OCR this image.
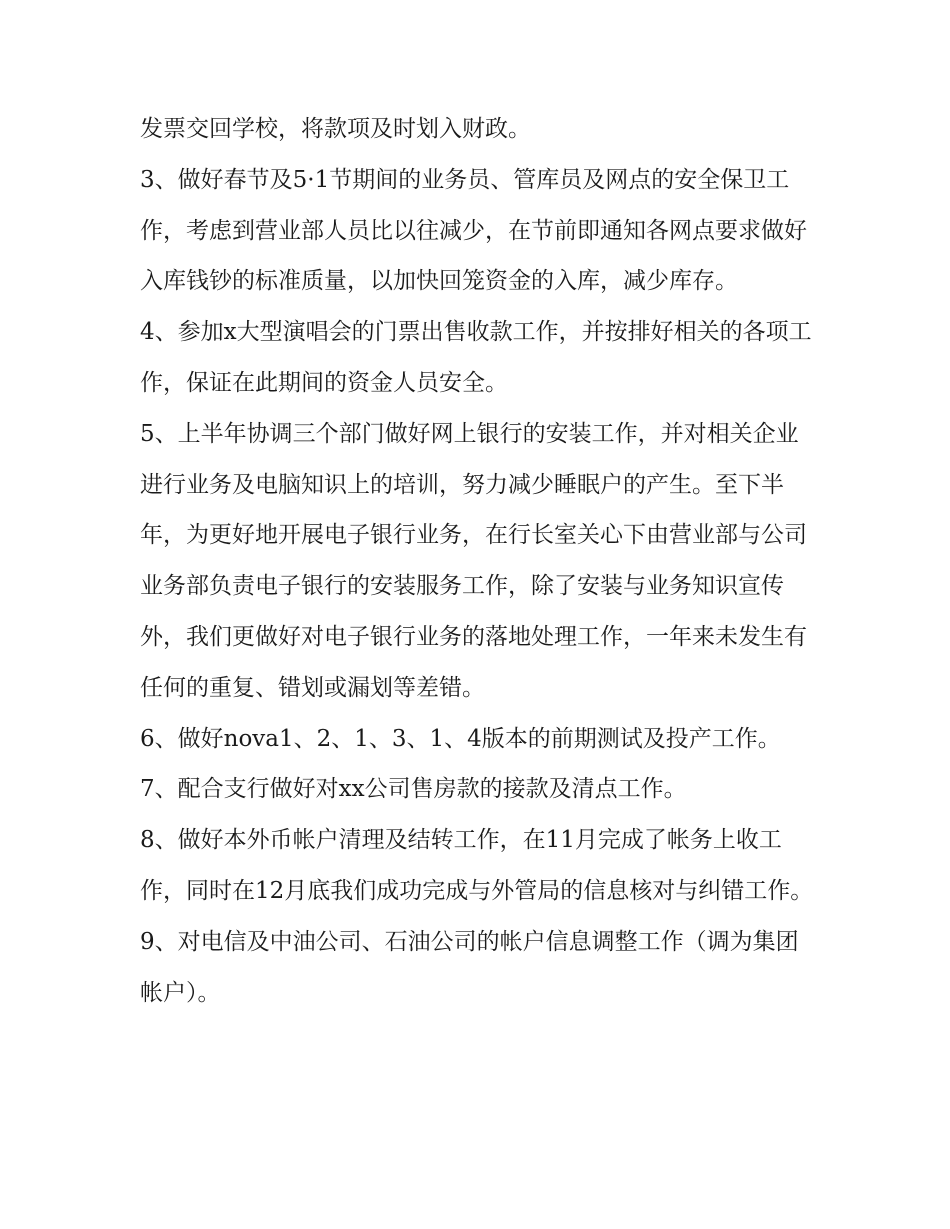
发票交回学校，将款项及时划入财政。

3、做好春节及5·1节期间的业务员、管库员及网点的安全保卫工作，考虑到营业部人员比以往减少，在节前即通知各网点要求做好入库钱钞的标准质量，以加快回笼资金的入库，减少库存。

4、参加x大型演唱会的门票出售收款工作，并按排好相关的各项工作，保证在此期间的资金人员安全。

5、上半年协调三个部门做好网上银行的安装工作，并对相关企业进行业务及电脑知识上的培训，努力减少睡眠户的产生。至下半年，为更好地开展电子银行业务，在行长室关心下由营业部与公司业务部负责电子银行的安装服务工作，除了安装与业务知识宣传外，我们更做好对电子银行业务的落地处理工作，一年来未发生有任何的重复、错划或漏划等差错。

6、做好nova1、2、1、3、1、4版本的前期测试及投产工作。

7、配合支行做好对xx公司售房款的接款及清点工作。

8、做好本外币帐户清理及结转工作，在11月完成了帐务上收工作，同时在12月底我们成功完成与外管局的信息核对与纠错工作。

9、对电信及中油公司、石油公司的帐户信息调整工作（调为集团帐户）。
